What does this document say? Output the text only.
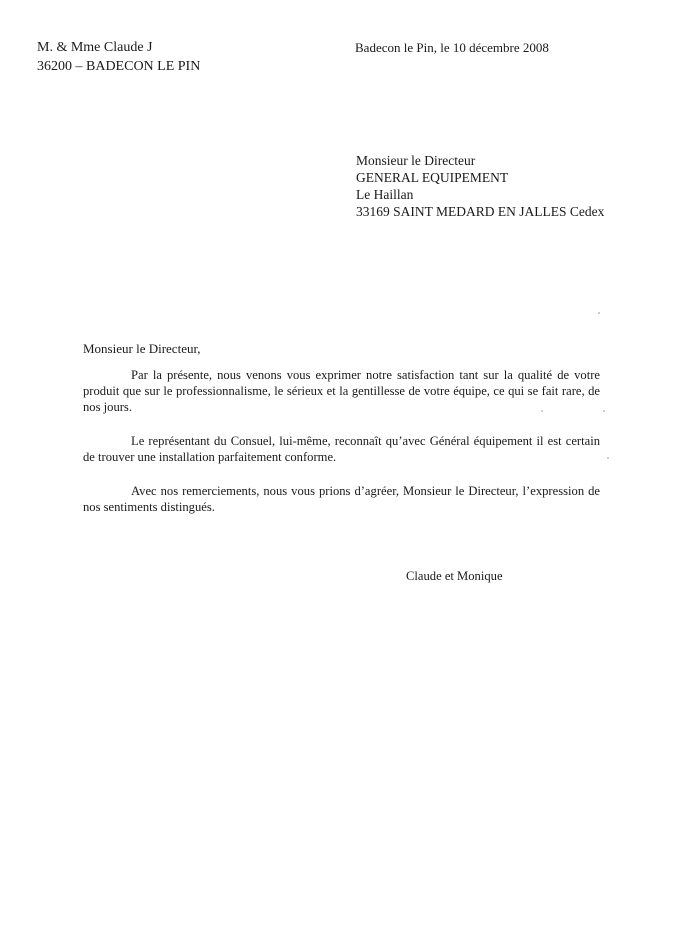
M. & Mme Claude J
36200 – BADECON LE PIN
Badecon le Pin, le 10 décembre 2008
Monsieur le Directeur
GENERAL EQUIPEMENT
Le Haillan
33169 SAINT MEDARD EN JALLES Cedex
Monsieur le Directeur,

Par la présente, nous venons vous exprimer notre satisfaction tant sur la qualité de votre produit que sur le professionnalisme, le sérieux et la gentillesse de votre équipe, ce qui se fait rare, de nos jours.

Le représentant du Consuel, lui-même, reconnaît qu’avec Général équipement il est certain de trouver une installation parfaitement conforme.

Avec nos remerciements, nous vous prions d’agréer, Monsieur le Directeur, l’expression de nos sentiments distingués.

Claude et Monique
